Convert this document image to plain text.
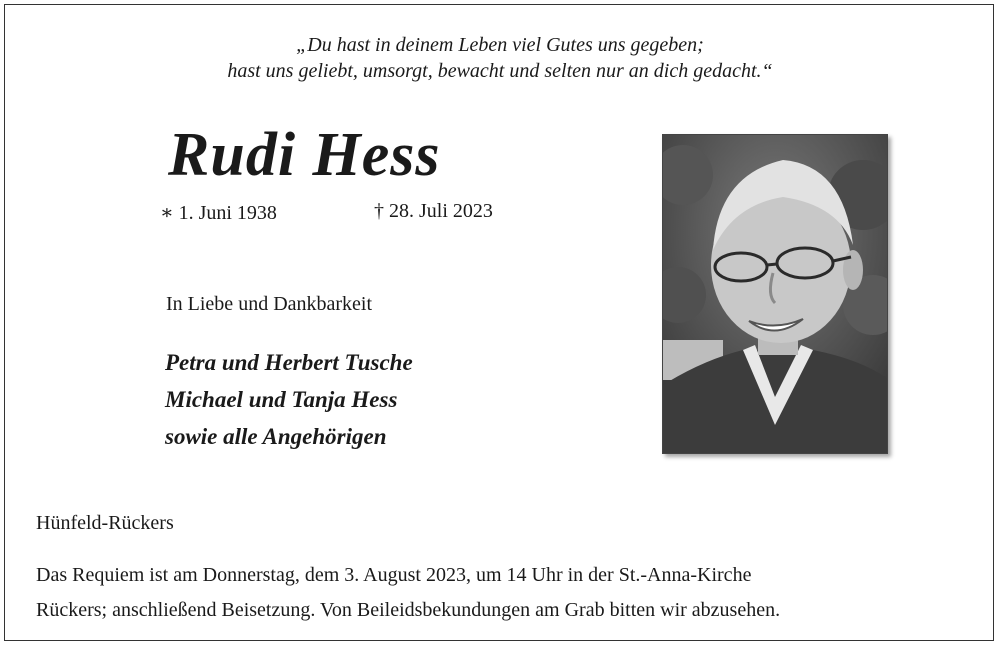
„Du hast in deinem Leben viel Gutes uns gegeben;
hast uns geliebt, umsorgt, bewacht und selten nur an dich gedacht.“
Rudi Hess
∗ 1. Juni 1938	† 28. Juli 2023
In Liebe und Dankbarkeit
Petra und Herbert Tusche
Michael und Tanja Hess
sowie alle Angehörigen
Hünfeld-Rückers
Das Requiem ist am Donnerstag, dem 3. August 2023, um 14 Uhr in der St.-Anna-Kirche
Rückers; anschließend Beisetzung. Von Beileidsbekundungen am Grab bitten wir abzusehen.
